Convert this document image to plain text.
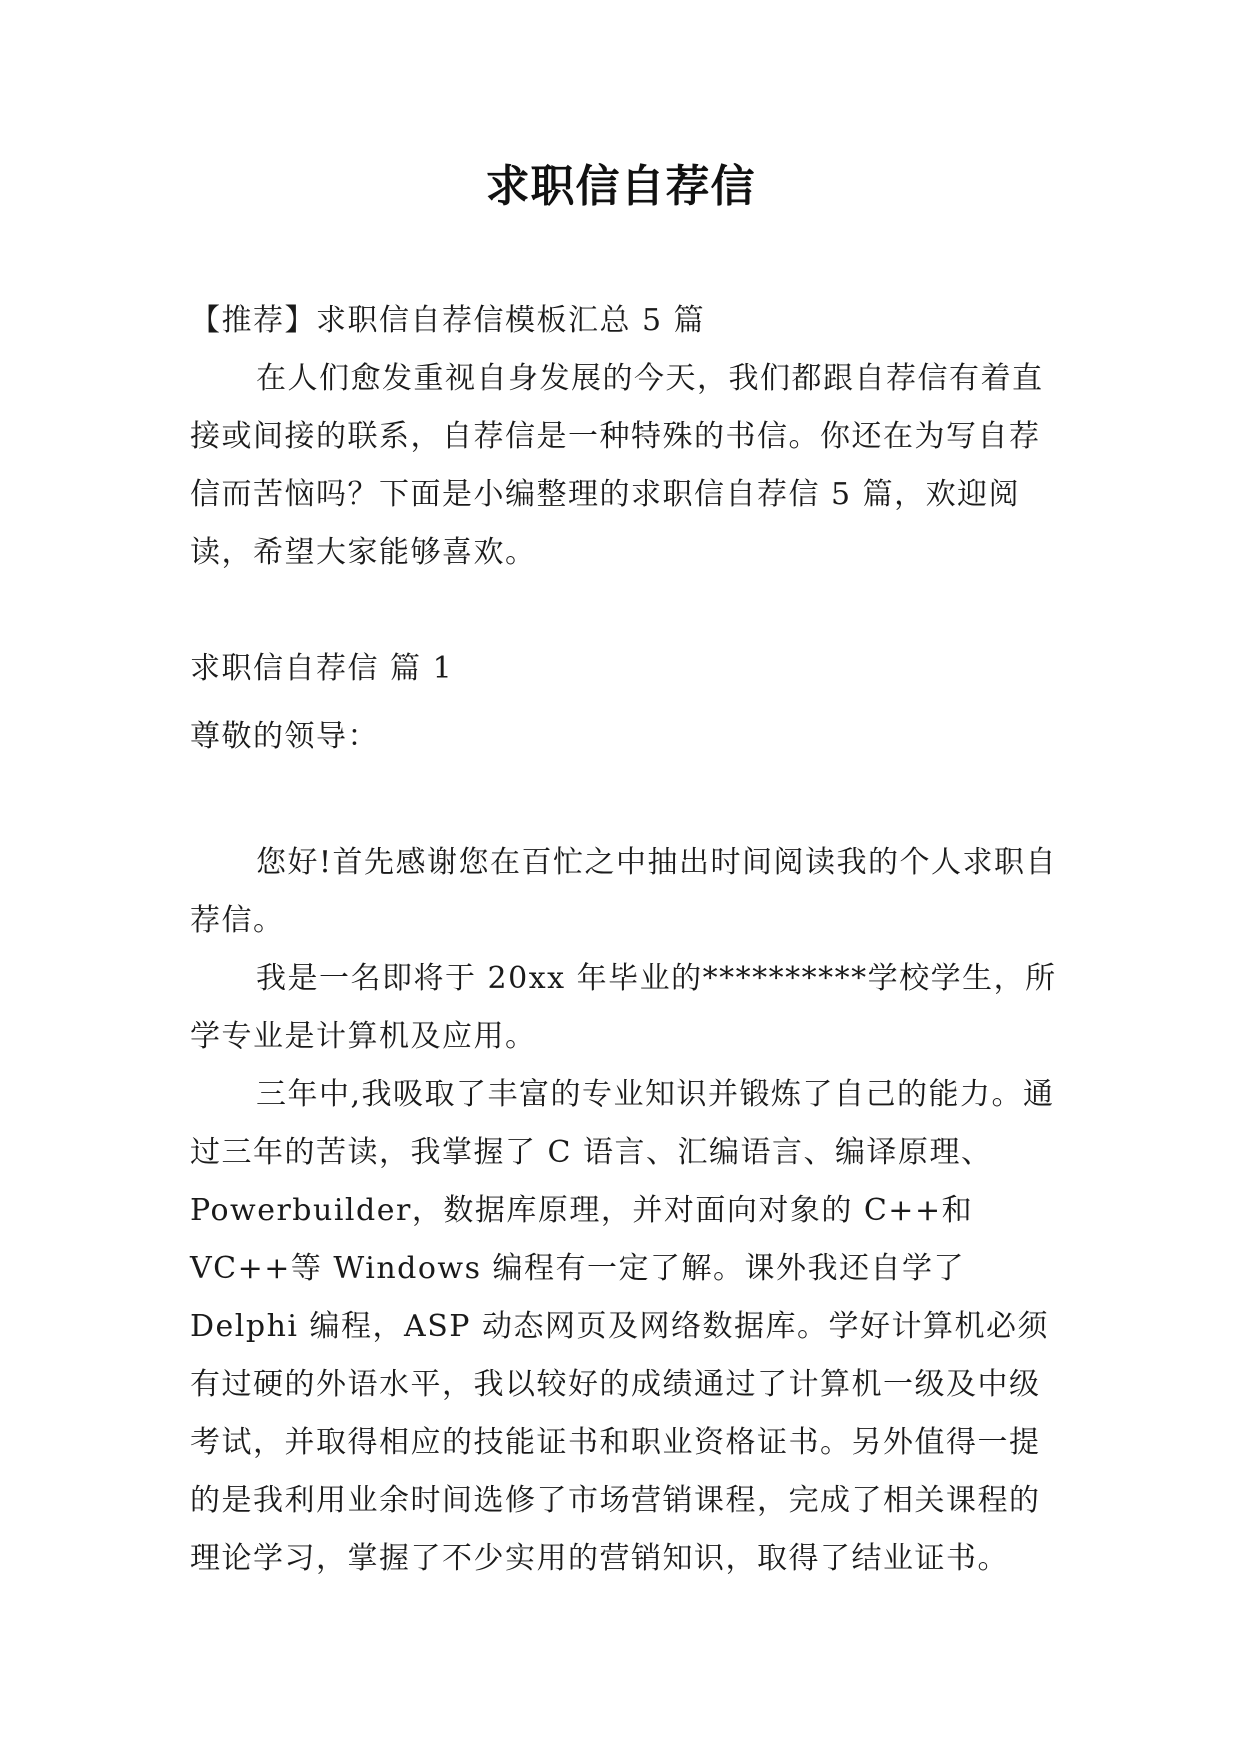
求职信自荐信

【推荐】求职信自荐信模板汇总 5 篇

在人们愈发重视自身发展的今天，我们都跟自荐信有着直接或间接的联系，自荐信是一种特殊的书信。你还在为写自荐信而苦恼吗？下面是小编整理的求职信自荐信 5 篇，欢迎阅读，希望大家能够喜欢。

求职信自荐信 篇 1

尊敬的领导：

您好!首先感谢您在百忙之中抽出时间阅读我的个人求职自荐信。

我是一名即将于 20xx 年毕业的**********学校学生，所学专业是计算机及应用。

三年中,我吸取了丰富的专业知识并锻炼了自己的能力。通过三年的苦读，我掌握了 C 语言、汇编语言、编译原理、Powerbuilder，数据库原理，并对面向对象的 C++和 VC++等 Windows 编程有一定了解。课外我还自学了 Delphi 编程，ASP 动态网页及网络数据库。学好计算机必须有过硬的外语水平，我以较好的成绩通过了计算机一级及中级考试，并取得相应的技能证书和职业资格证书。另外值得一提的是我利用业余时间选修了市场营销课程，完成了相关课程的理论学习，掌握了不少实用的营销知识，取得了结业证书。
